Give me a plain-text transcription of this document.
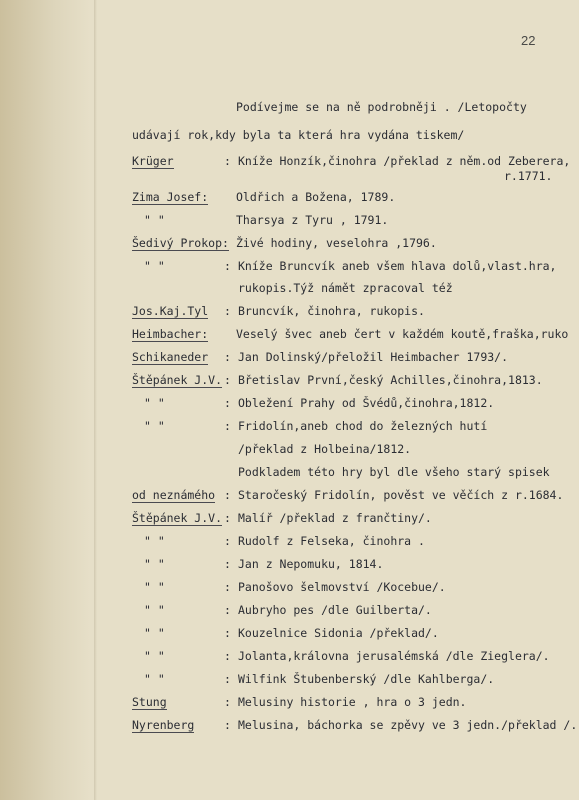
22
Podívejme se na ně podrobněji . /Letopočty
udávají rok,kdy byla ta která hra vydána tiskem/
Krüger	: Kníže Honzík,činohra /překlad z něm.od Zeberera,
r.1771.
Zima Josef: Oldřich a Božena, 1789.
" "	Tharsya z Tyru , 1791.
Šedivý Prokop: Živé hodiny, veselohra ,1796.
" "	: Kníže Bruncvík aneb všem hlava dolů,vlast.hra,
rukopis.Týž námět zpracoval též
Jos.Kaj.Tyl : Bruncvík, činohra, rukopis.
Heimbacher: Veselý švec aneb čert v každém koutě,fraška,ruko
Schikaneder : Jan Dolinský/přeložil Heimbacher 1793/.
Štěpánek J.V. : Břetislav První,český Achilles,činohra,1813.
" "	: Obležení Prahy od Švédů,činohra,1812.
" "	: Fridolín,aneb chod do železných hutí
/překlad z Holbeina/1812.
Podkladem této hry byl dle všeho starý spisek
od neznámého : Staročeský Fridolín, pověst ve věčích z r.1684.
Štěpánek J.V. : Malíř /překlad z frančtiny/.
" "	: Rudolf z Felseka, činohra .
" "	: Jan z Nepomuku, 1814.
" "	: Panošovo šelmovství /Kocebue/.
" "	: Aubryho pes /dle Guilberta/.
" "	: Kouzelnice Sidonia /překlad/.
" "	: Jolanta,královna jerusalémská /dle Zieglera/.
" "	: Wilfink Štubenberský /dle Kahlberga/.
Stung	: Melusiny historie , hra o 3 jedn.
Nyrenberg	: Melusina, báchorka se zpěvy ve 3 jedn./překlad /.
